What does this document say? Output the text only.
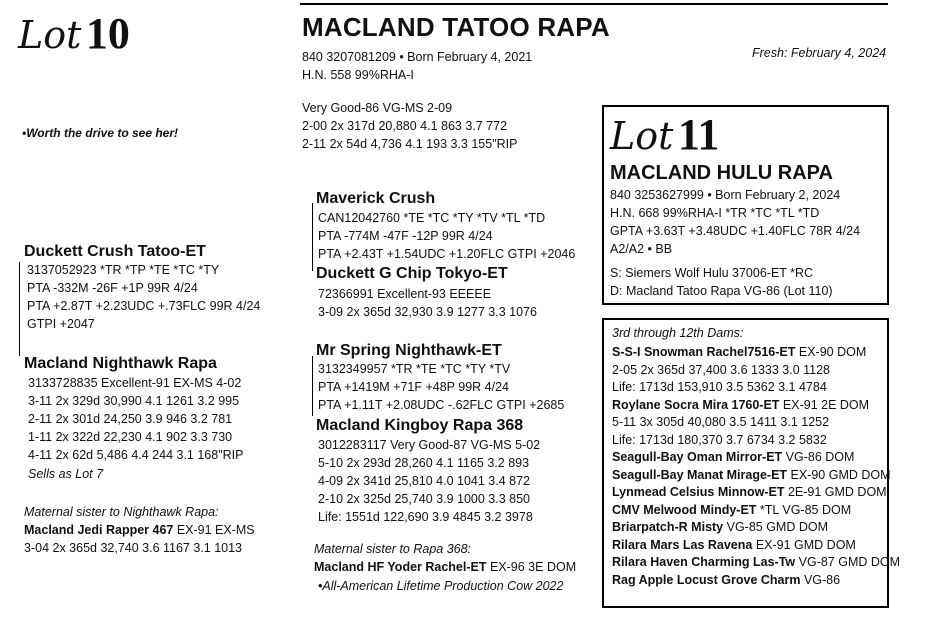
Lot 10	MACLAND TATOO RAPA
840 3207081209 • Born February 4, 2021
H.N. 558 99%RHA-I
Fresh: February 4, 2024
Very Good-86 VG-MS 2-09
2-00 2x 317d 20,880 4.1 863 3.7 772
2-11 2x 54d 4,736 4.1 193 3.3 155"RIP
•Worth the drive to see her!
Duckett Crush Tatoo-ET
3137052923 *TR *TP *TE *TC *TY
PTA -332M -26F +1P 99R 4/24
PTA +2.87T +2.23UDC +.73FLC 99R 4/24
GTPI +2047
Macland Nighthawk Rapa
3133728835 Excellent-91 EX-MS 4-02
3-11 2x 329d 30,990 4.1 1261 3.2 995
2-11 2x 301d 24,250 3.9 946 3.2 781
1-11 2x 322d 22,230 4.1 902 3.3 730
4-11 2x 62d 5,486 4.4 244 3.1 168"RIP
Sells as Lot 7
Maternal sister to Nighthawk Rapa:
Macland Jedi Rapper 467 EX-91 EX-MS
3-04 2x 365d 32,740 3.6 1167 3.1 1013
Maverick Crush
CAN12042760 *TE *TC *TY *TV *TL *TD
PTA -774M -47F -12P 99R 4/24
PTA +2.43T +1.54UDC +1.20FLC GTPI +2046
Duckett G Chip Tokyo-ET
72366991 Excellent-93 EEEEE
3-09 2x 365d 32,930 3.9 1277 3.3 1076
Mr Spring Nighthawk-ET
3132349957 *TR *TE *TC *TY *TV
PTA +1419M +71F +48P 99R 4/24
PTA +1.11T +2.08UDC -.62FLC GTPI +2685
Macland Kingboy Rapa 368
3012283117 Very Good-87 VG-MS 5-02
5-10 2x 293d 28,260 4.1 1165 3.2 893
4-09 2x 341d 25,810 4.0 1041 3.4 872
2-10 2x 325d 25,740 3.9 1000 3.3 850
Life: 1551d 122,690 3.9 4845 3.2 3978
Maternal sister to Rapa 368:
Macland HF Yoder Rachel-ET EX-96 3E DOM
•All-American Lifetime Production Cow 2022
Lot 11
MACLAND HULU RAPA
840 3253627999 • Born February 2, 2024
H.N. 668 99%RHA-I *TR *TC *TL *TD
GPTA +3.63T +3.48UDC +1.40FLC 78R 4/24
A2/A2 • BB
S: Siemers Wolf Hulu 37006-ET *RC
D: Macland Tatoo Rapa VG-86 (Lot 110)
3rd through 12th Dams:
S-S-I Snowman Rachel7516-ET EX-90 DOM
2-05 2x 365d 37,400 3.6 1333 3.0 1128
Life: 1713d 153,910 3.5 5362 3.1 4784
Roylane Socra Mira 1760-ET EX-91 2E DOM
5-11 3x 305d 40,080 3.5 1411 3.1 1252
Life: 1713d 180,370 3.7 6734 3.2 5832
Seagull-Bay Oman Mirror-ET VG-86 DOM
Seagull-Bay Manat Mirage-ET EX-90 GMD DOM
Lynmead Celsius Minnow-ET 2E-91 GMD DOM
CMV Melwood Mindy-ET *TL VG-85 DOM
Briarpatch-R Misty VG-85 GMD DOM
Rilara Mars Las Ravena EX-91 GMD DOM
Rilara Haven Charming Las-Tw VG-87 GMD DOM
Rag Apple Locust Grove Charm VG-86
